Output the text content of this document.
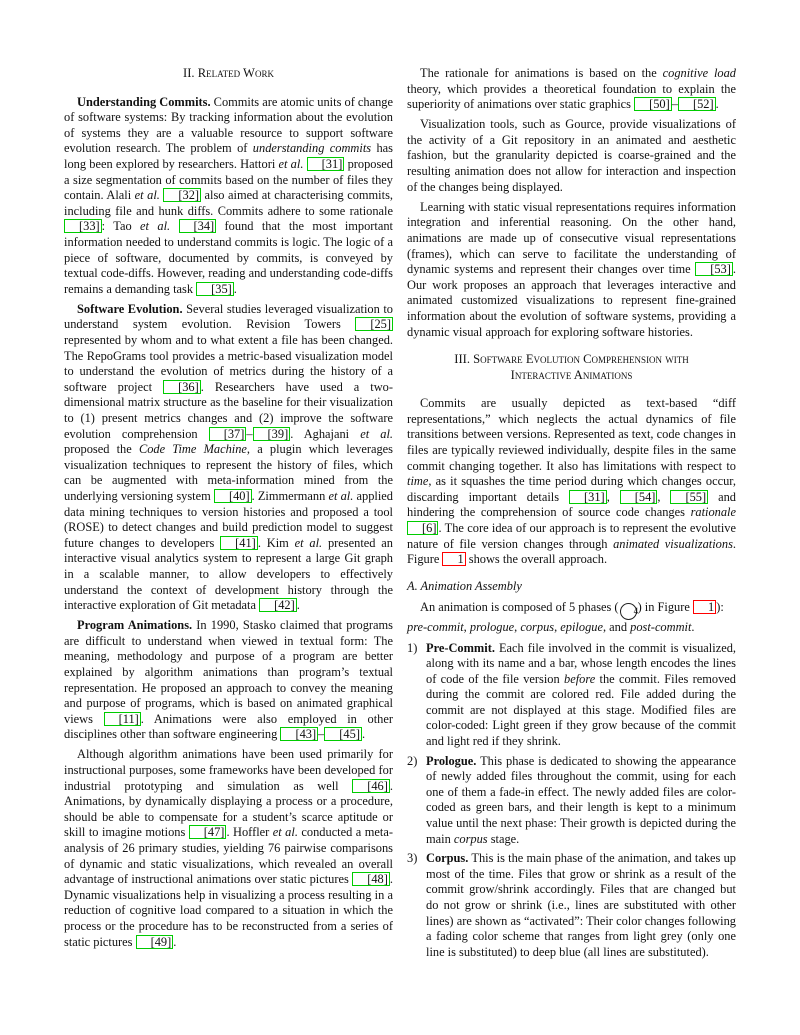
II. Related Work

Understanding Commits. Commits are atomic units of change of software systems: By tracking information about the evolution of systems they are a valuable resource to support software evolution research. The problem of understanding commits has long been explored by researchers. Hattori et al. [31] proposed a size segmentation of commits based on the number of files they contain. Alali et al. [32] also aimed at characterising commits, including file and hunk diffs. Commits adhere to some rationale [33] : Tao et al. [34] found that the most important information needed to understand commits is logic. The logic of a piece of software, documented by commits, is conveyed by textual code-diffs. However, reading and understanding code-diffs remains a demanding task [35] .

Software Evolution. Several studies leveraged visualization to understand system evolution. Revision Towers [25] represented by whom and to what extent a file has been changed. The RepoGrams tool provides a metric-based visualization model to understand the evolution of metrics during the history of a software project [36] . Researchers have used a two-dimensional matrix structure as the baseline for their visualization to (1) present metrics changes and (2) improve the software evolution comprehension [37] – [39] . Aghajani et al. proposed the Code Time Machine, a plugin which leverages visualization techniques to represent the history of files, which can be augmented with meta-information mined from the underlying versioning system [40] . Zimmermann et al. applied data mining techniques to version histories and proposed a tool (ROSE) to detect changes and build prediction model to suggest future changes to developers [41] . Kim et al. presented an interactive visual analytics system to represent a large Git graph in a scalable manner, to allow developers to effectively understand the context of development history through the interactive exploration of Git metadata [42] .

Program Animations. In 1990, Stasko claimed that programs are difficult to understand when viewed in textual form: The meaning, methodology and purpose of a program are better explained by algorithm animations than program’s textual representation. He proposed an approach to convey the meaning and purpose of programs, which is based on animated graphical views [11] . Animations were also employed in other disciplines other than software engineering [43] – [45] .

Although algorithm animations have been used primarily for instructional purposes, some frameworks have been developed for industrial prototyping and simulation as well [46] . Animations, by dynamically displaying a process or a procedure, should be able to compensate for a student’s scarce aptitude or skill to imagine motions [47] . Hoffler et al. conducted a meta-analysis of 26 primary studies, yielding 76 pairwise comparisons of dynamic and static visualizations, which revealed an overall advantage of instructional animations over static pictures [48] . Dynamic visualizations help in visualizing a process resulting in a reduction of cognitive load compared to a situation in which the process or the procedure has to be reconstructed from a series of static pictures [49] .

The rationale for animations is based on the cognitive load theory, which provides a theoretical foundation to explain the superiority of animations over static graphics [50] – [52] .

Visualization tools, such as Gource, provide visualizations of the activity of a Git repository in an animated and aesthetic fashion, but the granularity depicted is coarse-grained and the resulting animation does not allow for interaction and inspection of the changes being displayed.

Learning with static visual representations requires information integration and inferential reasoning. On the other hand, animations are made up of consecutive visual representations (frames), which can serve to facilitate the understanding of dynamic systems and represent their changes over time [53] . Our work proposes an approach that leverages interactive and animated customized visualizations to represent fine-grained information about the evolution of software systems, providing a dynamic visual approach for exploring software histories.

III. Software Evolution Comprehension with
Interactive Animations

Commits are usually depicted as text-based “diff representations,” which neglects the actual dynamics of file transitions between versions. Represented as text, code changes in files are typically reviewed individually, despite files in the same commit changing together. It also has limitations with respect to time, as it squashes the time period during which changes occur, discarding important details [31] , [54] , [55] and hindering the comprehension of source code changes rationale [6] . The core idea of our approach is to represent the evolutive nature of file version changes through animated visualizations. Figure 1 shows the overall approach.

A. Animation Assembly

An animation is composed of 5 phases ( 4) in Figure 1 ):
pre-commit, prologue, corpus, epilogue, and post-commit.

1) Pre-Commit. Each file involved in the commit is visualized, along with its name and a bar, whose length encodes the lines of code of the file version before the commit. Files removed during the commit are colored red. File added during the commit are not displayed at this stage. Modified files are color-coded: Light green if they grow because of the commit and light red if they shrink.
2) Prologue. This phase is dedicated to showing the appearance of newly added files throughout the commit, using for each one of them a fade-in effect. The newly added files are color-coded as green bars, and their length is kept to a minimum value until the next phase: Their growth is depicted during the main corpus stage.
3) Corpus. This is the main phase of the animation, and takes up most of the time. Files that grow or shrink as a result of the commit grow/shrink accordingly. Files that are changed but do not grow or shrink (i.e., lines are substituted with other lines) are shown as “activated”: Their color changes following a fading color scheme that ranges from light grey (only one line is substituted) to deep blue (all lines are substituted).
